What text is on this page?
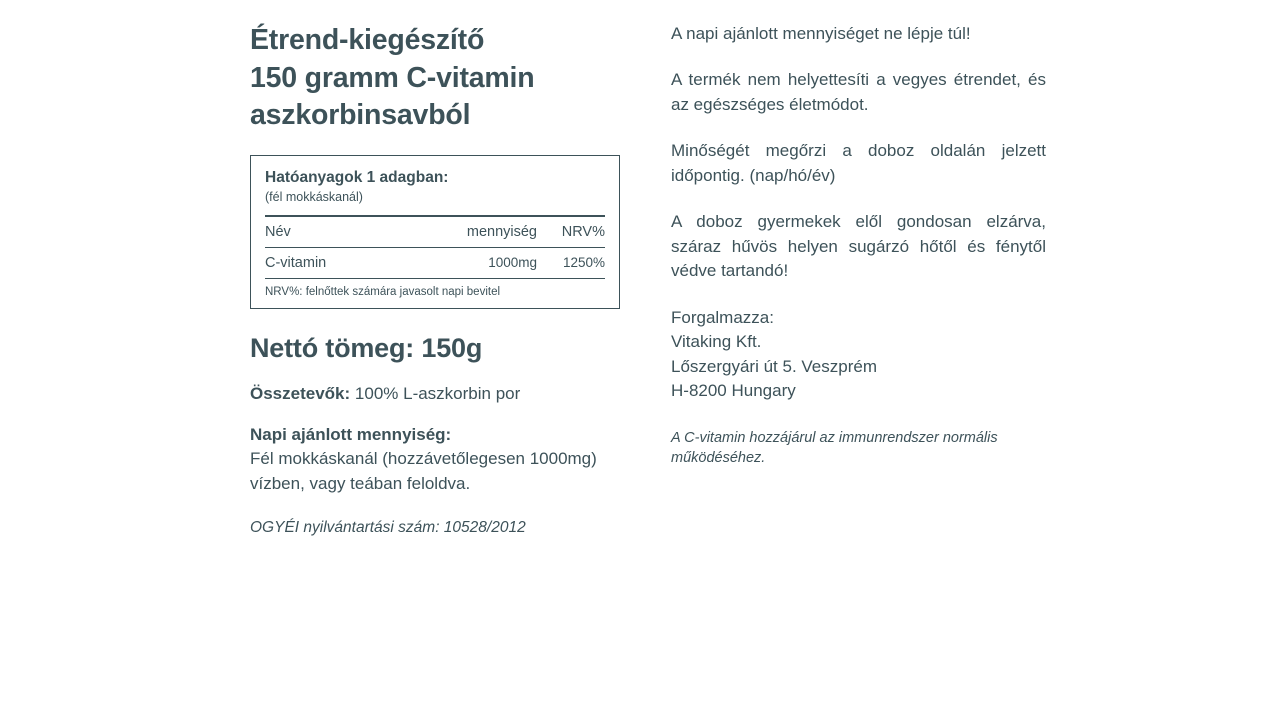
Étrend-kiegészítő
150 gramm C-vitamin
aszkorbinsavból
Hatóanyagok 1 adagban:
(fél mokkáskanál)
Név	mennyiség	NRV%
C-vitamin	1000mg	1250%
NRV%: felnőttek számára javasolt napi bevitel
Nettó tömeg: 150g

Összetevők: 100% L-aszkorbin por

Napi ajánlott mennyiség:
Fél mokkáskanál (hozzávetőlegesen 1000mg) vízben, vagy teában feloldva.

OGYÉI nyilvántartási szám: 10528/2012

A napi ajánlott mennyiséget ne lépje túl!

A termék nem helyettesíti a vegyes étrendet, és az egészséges életmódot.

Minőségét megőrzi a doboz oldalán jelzett időpontig. (nap/hó/év)

A doboz gyermekek elől gondosan elzárva, száraz hűvös helyen sugárzó hőtől és fénytől védve tartandó!

Forgalmazza:
Vitaking Kft.
Lőszergyári út 5. Veszprém
H-8200 Hungary

A C-vitamin hozzájárul az immunrendszer normális működéséhez.
